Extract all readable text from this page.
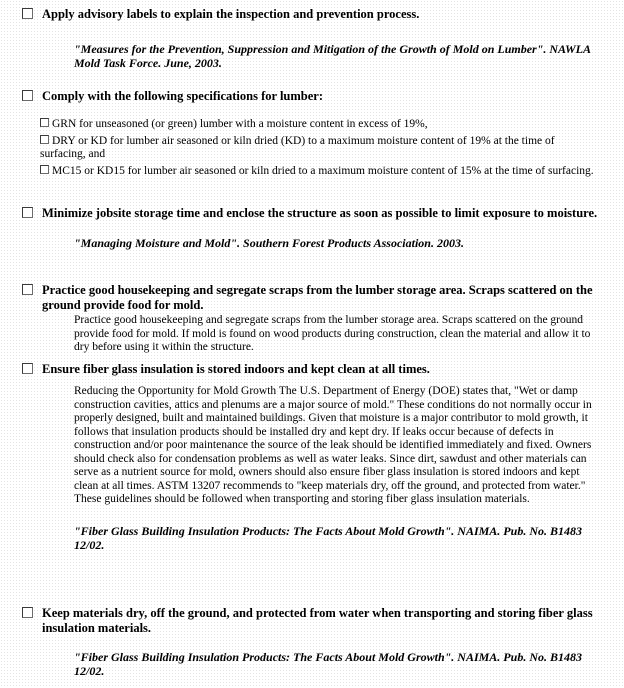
Apply advisory labels to explain the inspection and prevention process.
"Measures for the Prevention, Suppression and Mitigation of the Growth of Mold on Lumber". NAWLA Mold Task Force. June, 2003.
Comply with the following specifications for lumber:

GRN for unseasoned (or green) lumber with a moisture content in excess of 19%,

DRY or KD for lumber air seasoned or kiln dried (KD) to a maximum moisture content of 19% at the time of surfacing, and

MC15 or KD15 for lumber air seasoned or kiln dried to a maximum moisture content of 15% at the time of surfacing.

Minimize jobsite storage time and enclose the structure as soon as possible to limit exposure to moisture.
"Managing Moisture and Mold". Southern Forest Products Association. 2003.
Practice good housekeeping and segregate scraps from the lumber storage area. Scraps scattered on the ground provide food for mold.
Practice good housekeeping and segregate scraps from the lumber storage area. Scraps scattered on the ground provide food for mold. If mold is found on wood products during construction, clean the material and allow it to dry before using it within the structure.
Ensure fiber glass insulation is stored indoors and kept clean at all times.
Reducing the Opportunity for Mold Growth The U.S. Department of Energy (DOE) states that, "Wet or damp construction cavities, attics and plenums are a major source of mold." These conditions do not normally occur in properly designed, built and maintained buildings. Given that moisture is a major contributor to mold growth, it follows that insulation products should be installed dry and kept dry. If leaks occur because of defects in construction and/or poor maintenance the source of the leak should be identified immediately and fixed. Owners should check also for condensation problems as well as water leaks. Since dirt, sawdust and other materials can serve as a nutrient source for mold, owners should also ensure fiber glass insulation is stored indoors and kept clean at all times. ASTM 13207 recommends to "keep materials dry, off the ground, and protected from water." These guidelines should be followed when transporting and storing fiber glass insulation materials.
"Fiber Glass Building Insulation Products: The Facts About Mold Growth". NAIMA. Pub. No. B1483 12/02.
Keep materials dry, off the ground, and protected from water when transporting and storing fiber glass insulation materials.
"Fiber Glass Building Insulation Products: The Facts About Mold Growth". NAIMA. Pub. No. B1483 12/02.
